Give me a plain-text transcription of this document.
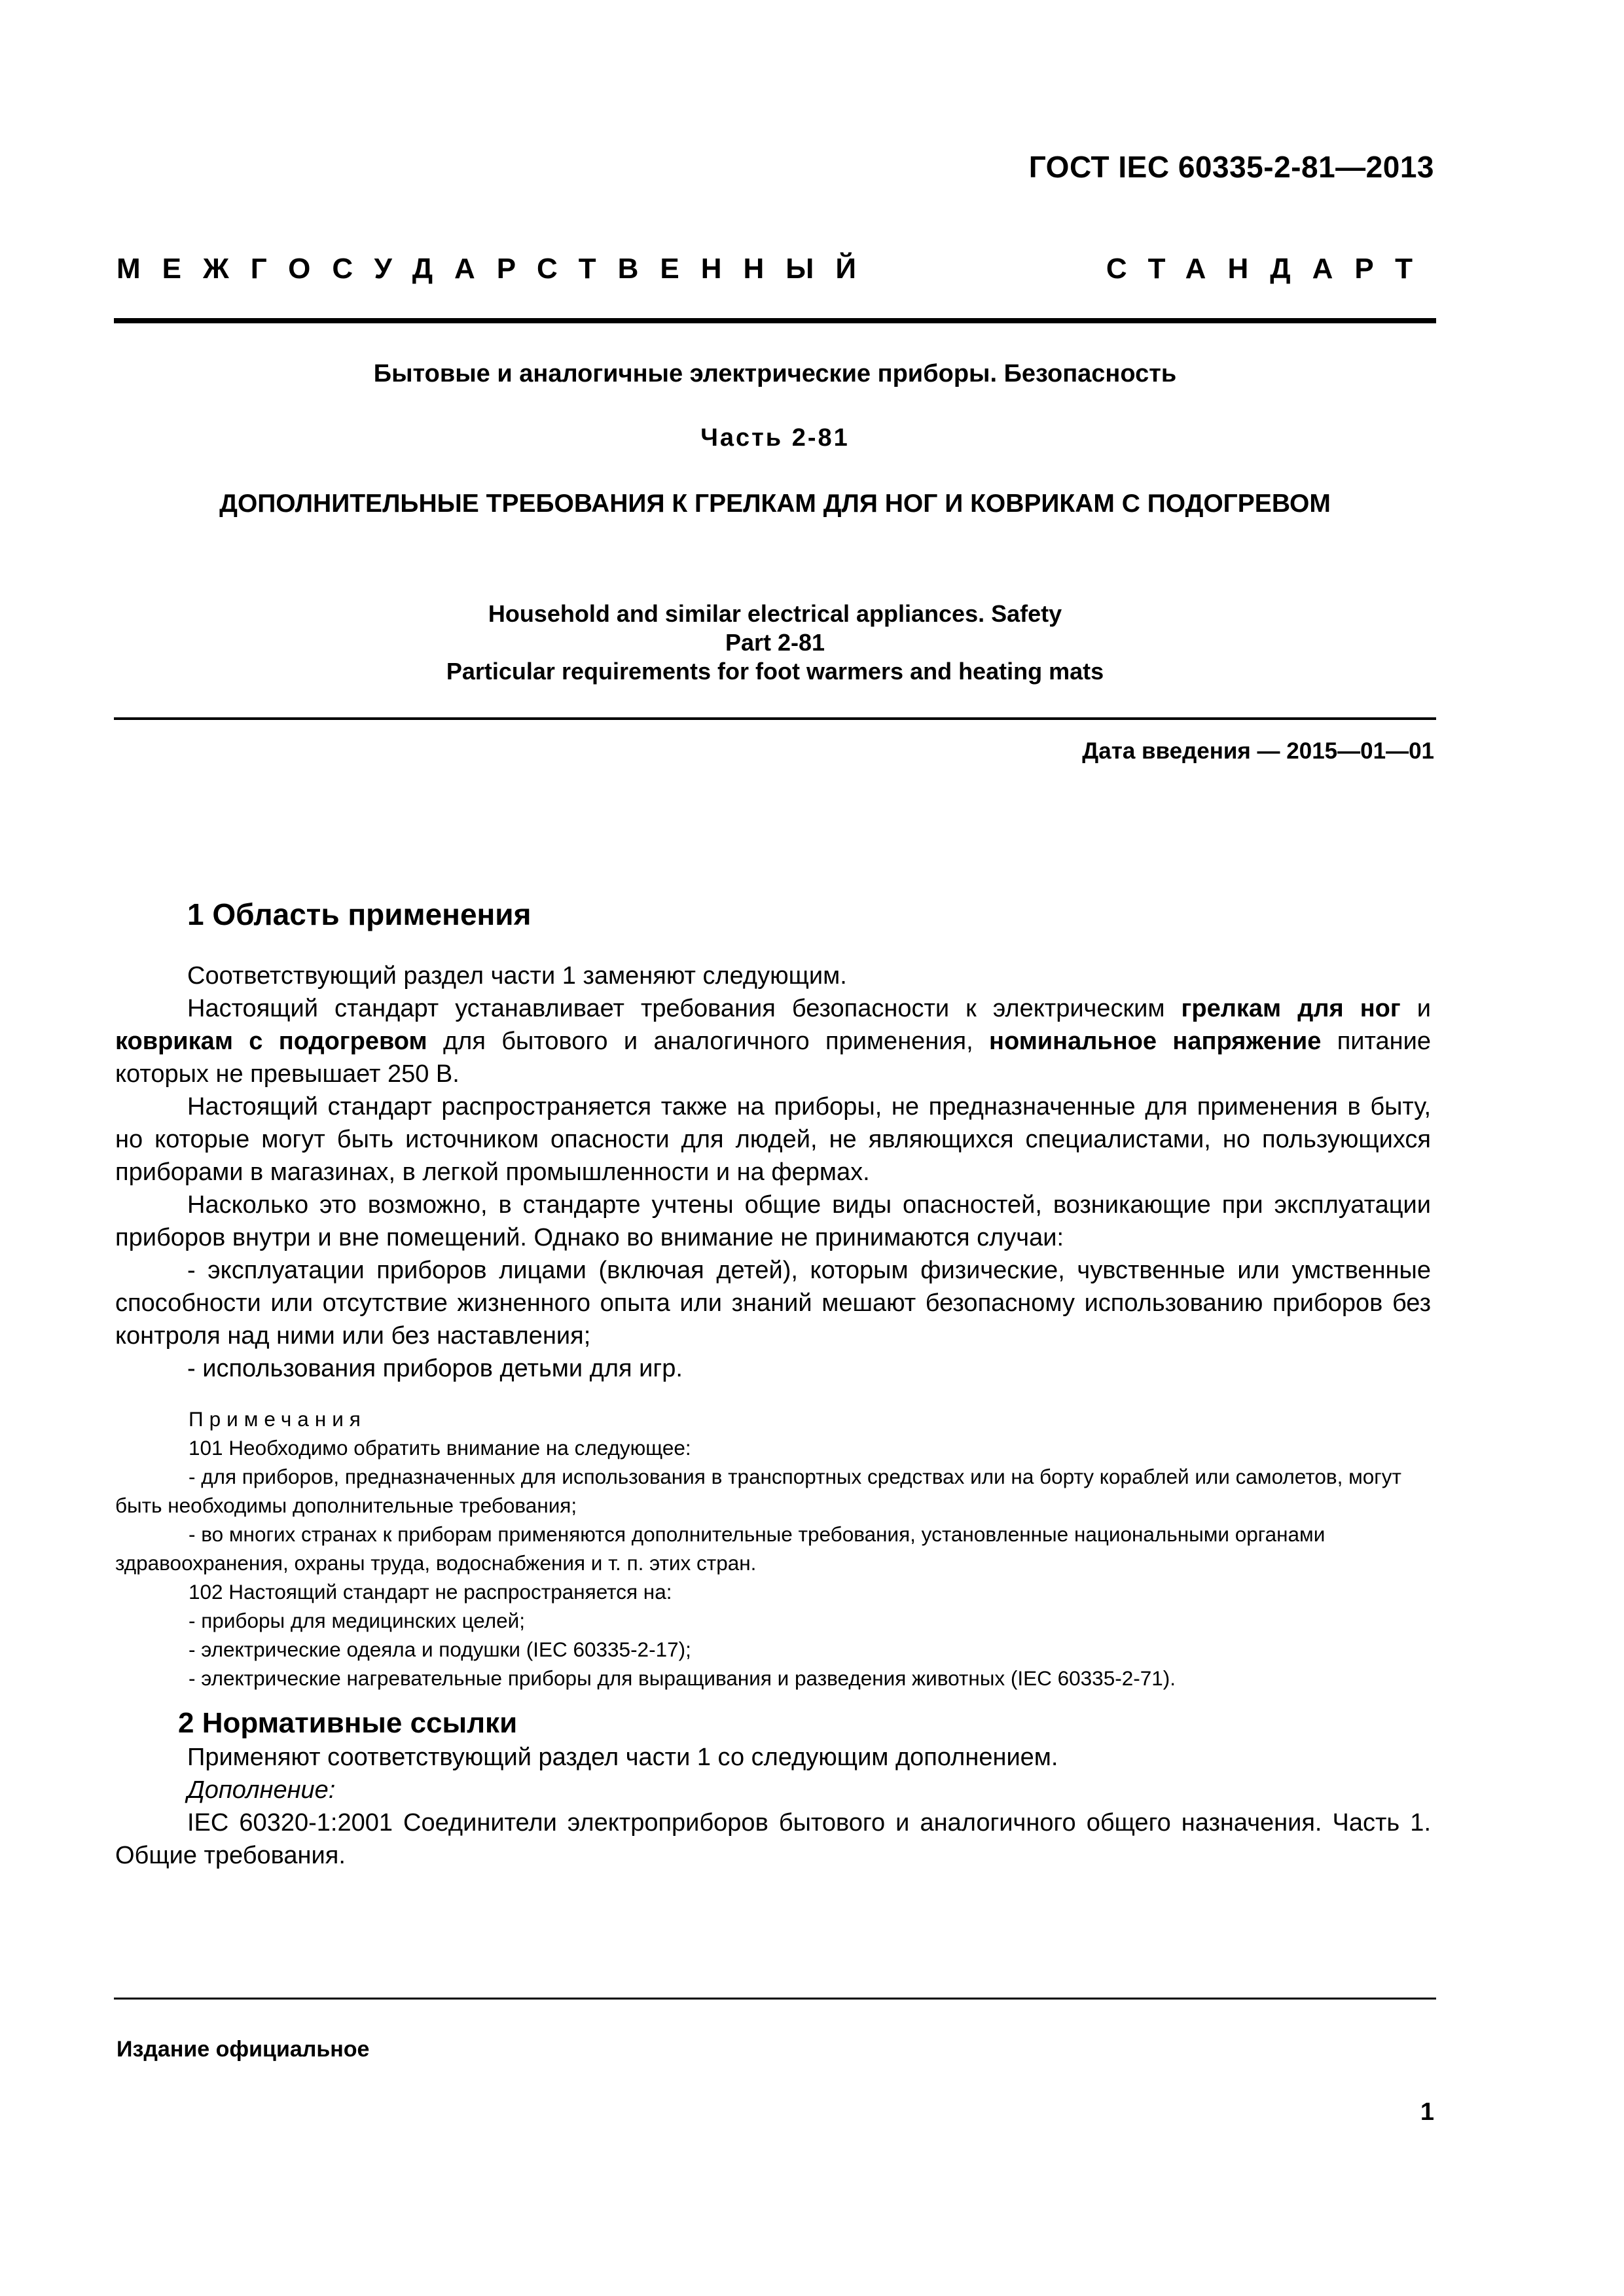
ГОСТ IEC 60335-2-81—2013
МЕЖГОСУДАРСТВЕННЫЙ	СТАНДАРТ
Бытовые и аналогичные электрические приборы. Безопасность
Часть 2-81
ДОПОЛНИТЕЛЬНЫЕ ТРЕБОВАНИЯ К ГРЕЛКАМ ДЛЯ НОГ И КОВРИКАМ С ПОДОГРЕВОМ
Household and similar electrical appliances. Safety
Part 2-81
Particular requirements for foot warmers and heating mats
Дата введения — 2015—01—01
1 Область применения

Соответствующий раздел части 1 заменяют следующим.

Настоящий стандарт устанавливает требования безопасности к электрическим грелкам для ног и коврикам с подогревом для бытового и аналогичного применения, номинальное напряжение питание которых не превышает 250 В.

Настоящий стандарт распространяется также на приборы, не предназначенные для применения в быту, но которые могут быть источником опасности для людей, не являющихся специалистами, но пользующихся приборами в магазинах, в легкой промышленности и на фермах.

Насколько это возможно, в стандарте учтены общие виды опасностей, возникающие при эксплуатации приборов внутри и вне помещений. Однако во внимание не принимаются случаи:

- эксплуатации приборов лицами (включая детей), которым физические, чувственные или умственные способности или отсутствие жизненного опыта или знаний мешают безопасному использованию приборов без контроля над ними или без наставления;

- использования приборов детьми для игр.

Примечания

101 Необходимо обратить внимание на следующее:

- для приборов, предназначенных для использования в транспортных средствах или на борту кораблей или самолетов, могут быть необходимы дополнительные требования;

- во многих странах к приборам применяются дополнительные требования, установленные национальными органами здравоохранения, охраны труда, водоснабжения и т. п. этих стран.

102 Настоящий стандарт не распространяется на:

- приборы для медицинских целей;

- электрические одеяла и подушки (IEC 60335-2-17);

- электрические нагревательные приборы для выращивания и разведения животных (IEC 60335-2-71).

2 Нормативные ссылки

Применяют соответствующий раздел части 1 со следующим дополнением.

Дополнение:

IEC 60320-1:2001 Соединители электроприборов бытового и аналогичного общего назначения. Часть 1. Общие требования.

Издание официальное
1
